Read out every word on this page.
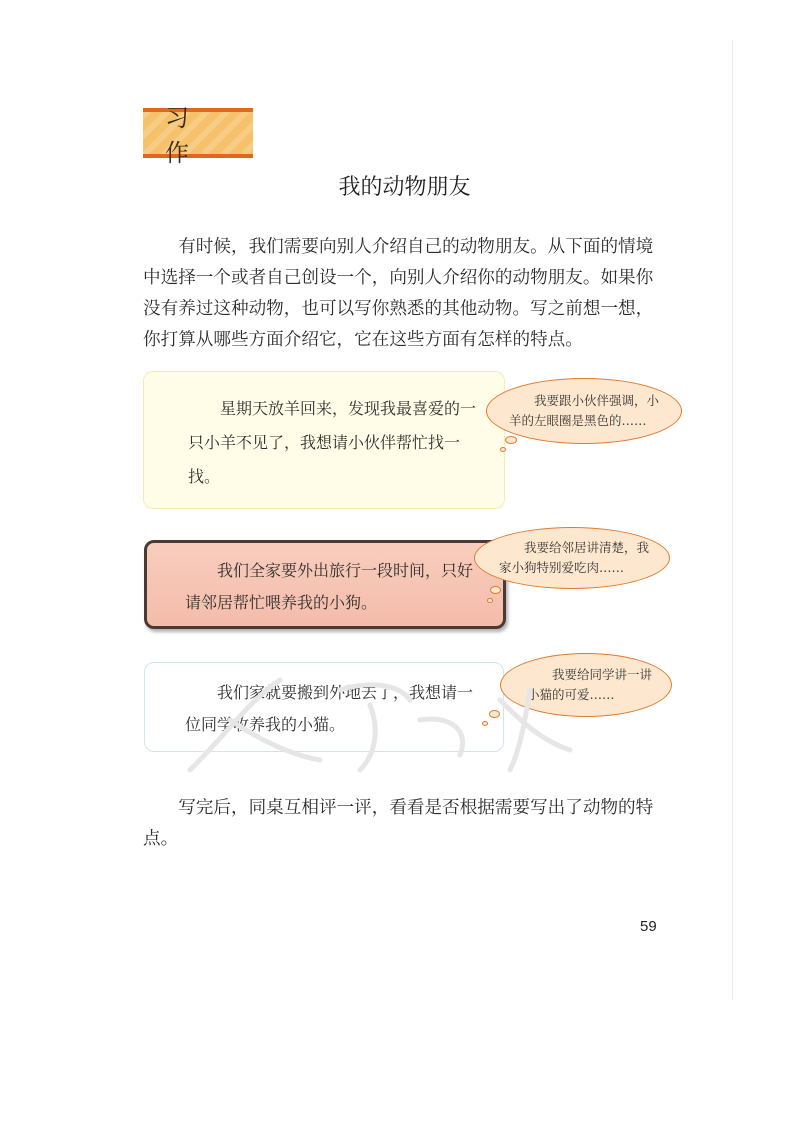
习 作
我的动物朋友

有时候，我们需要向别人介绍自己的动物朋友。从下面的情境中选择一个或者自己创设一个，向别人介绍你的动物朋友。如果你没有养过这种动物，也可以写你熟悉的其他动物。写之前想一想，你打算从哪些方面介绍它，它在这些方面有怎样的特点。

星期天放羊回来，发现我最喜爱的一只小羊不见了，我想请小伙伴帮忙找一找。

我要跟小伙伴强调，小羊的左眼圈是黑色的……

我们全家要外出旅行一段时间，只好请邻居帮忙喂养我的小狗。

我要给邻居讲清楚，我家小狗特别爱吃肉……

我们家就要搬到外地去了，我想请一位同学收养我的小猫。

我要给同学讲一讲小猫的可爱……

写完后，同桌互相评一评，看看是否根据需要写出了动物的特点。

59
